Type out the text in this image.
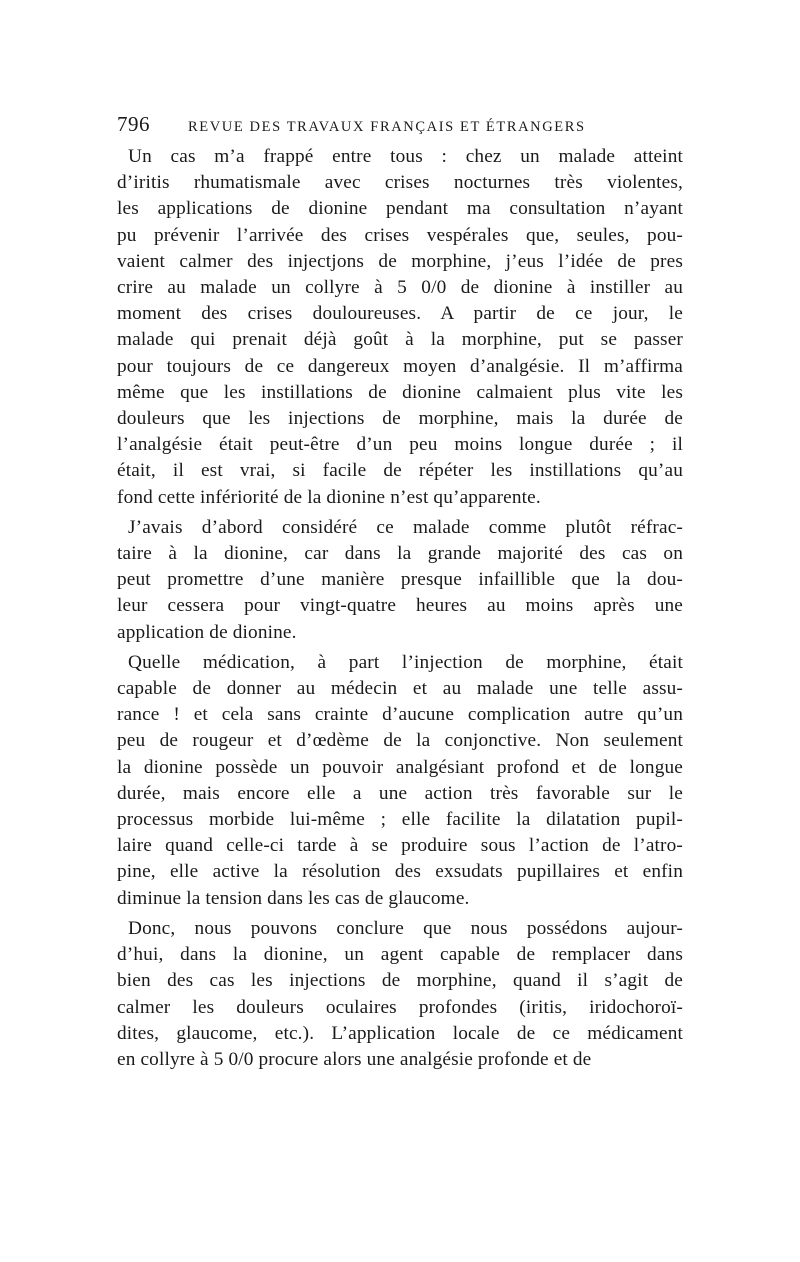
796	REVUE DES TRAVAUX FRANÇAIS ET ÉTRANGERS
Un cas m’a frappé entre tous : chez un malade atteint
d’iritis rhumatismale avec crises nocturnes très violentes,
les applications de dionine pendant ma consultation n’ayant
pu prévenir l’arrivée des crises vespérales que, seules, pou-
vaient calmer des injectjons de morphine, j’eus l’idée de pres
crire au malade un collyre à 5 0/0 de dionine à instiller au
moment des crises douloureuses. A partir de ce jour, le
malade qui prenait déjà goût à la morphine, put se passer
pour toujours de ce dangereux moyen d’analgésie. Il m’affirma
même que les instillations de dionine calmaient plus vite les
douleurs que les injections de morphine, mais la durée de
l’analgésie était peut-être d’un peu moins longue durée ; il
était, il est vrai, si facile de répéter les instillations qu’au
fond cette infériorité de la dionine n’est qu’apparente.
J’avais d’abord considéré ce malade comme plutôt réfrac-
taire à la dionine, car dans la grande majorité des cas on
peut promettre d’une manière presque infaillible que la dou-
leur cessera pour vingt-quatre heures au moins après une
application de dionine.
Quelle médication, à part l’injection de morphine, était
capable de donner au médecin et au malade une telle assu-
rance ! et cela sans crainte d’aucune complication autre qu’un
peu de rougeur et d’œdème de la conjonctive. Non seulement
la dionine possède un pouvoir analgésiant profond et de longue
durée, mais encore elle a une action très favorable sur le
processus morbide lui-même ; elle facilite la dilatation pupil-
laire quand celle-ci tarde à se produire sous l’action de l’atro-
pine, elle active la résolution des exsudats pupillaires et enfin
diminue la tension dans les cas de glaucome.
Donc, nous pouvons conclure que nous possédons aujour-
d’hui, dans la dionine, un agent capable de remplacer dans
bien des cas les injections de morphine, quand il s’agit de
calmer les douleurs oculaires profondes (iritis, iridochoroï-
dites, glaucome, etc.). L’application locale de ce médicament
en collyre à 5 0/0 procure alors une analgésie profonde et de
